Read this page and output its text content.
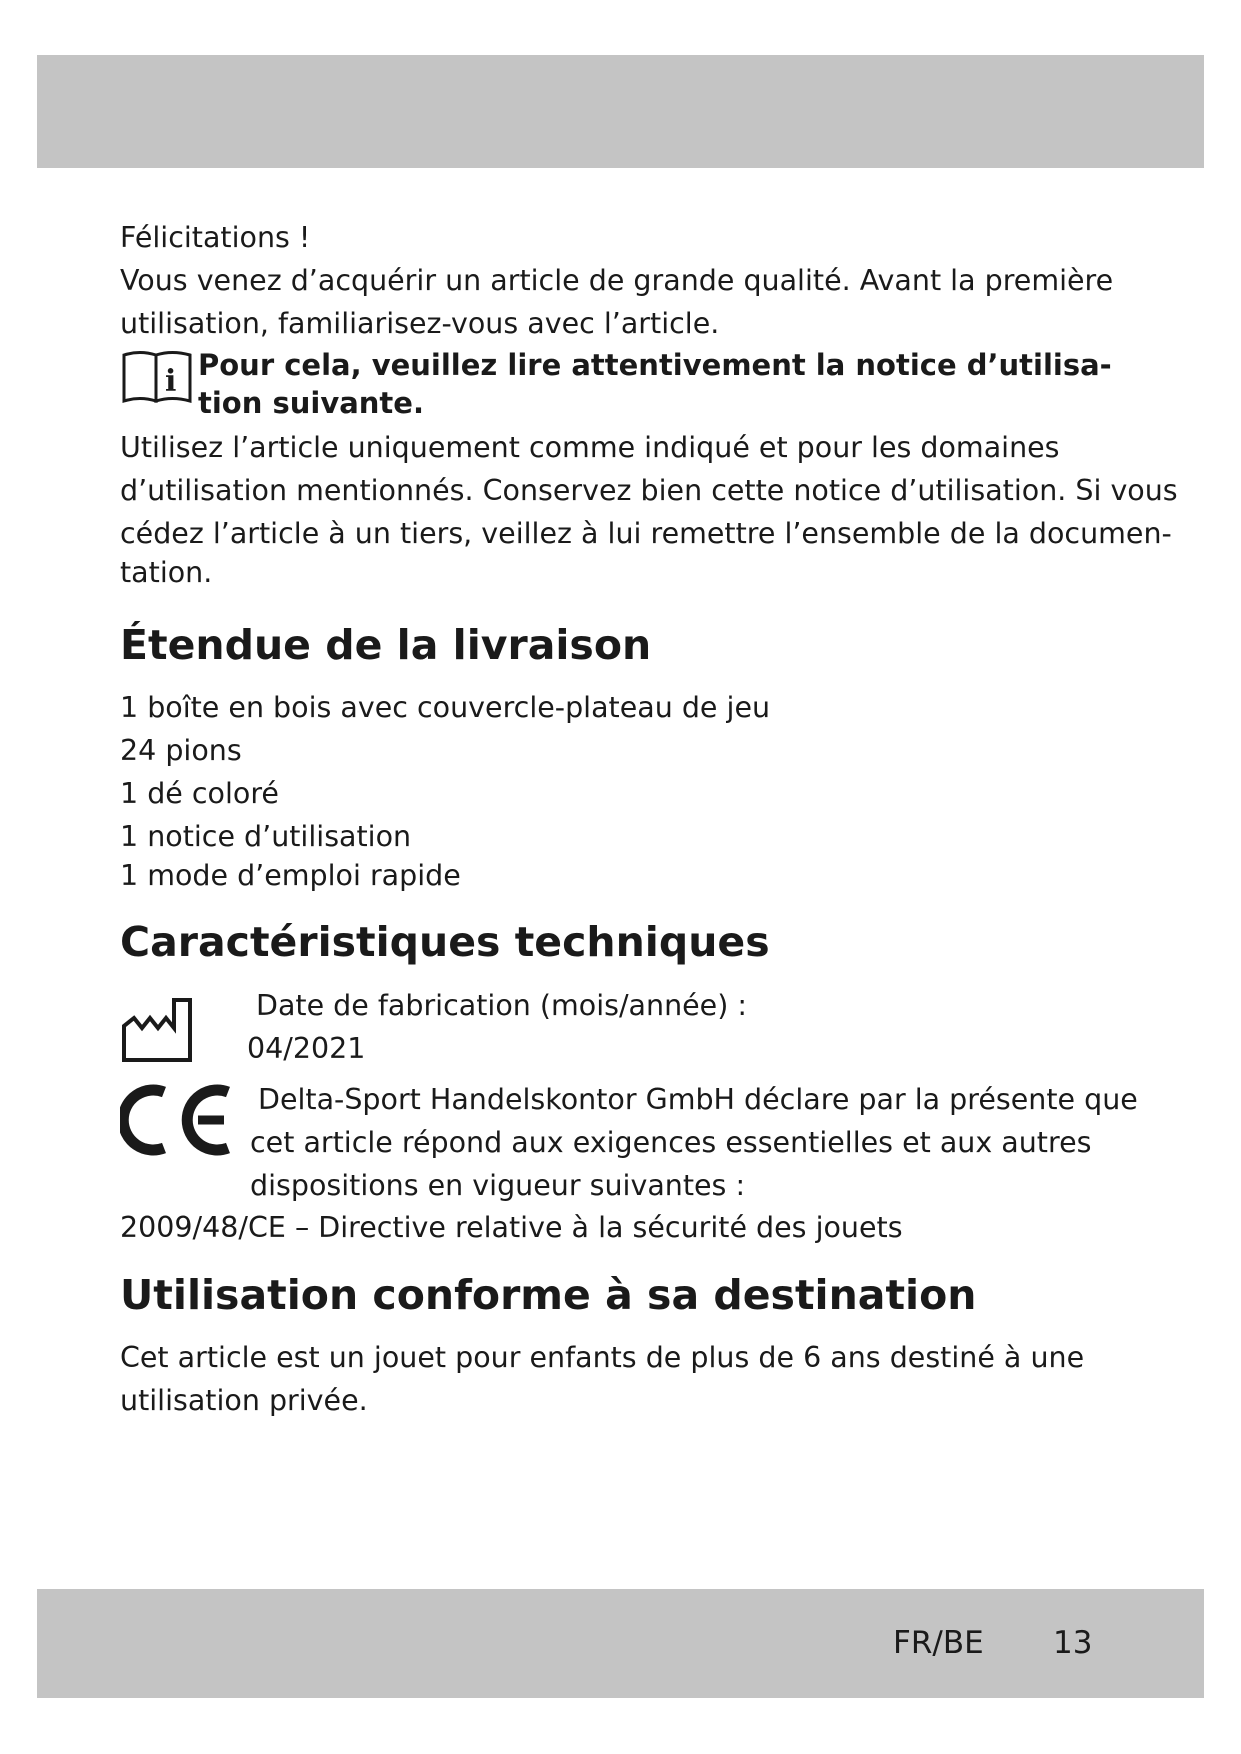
Félicitations !
Vous venez d’acquérir un article de grande qualité. Avant la première
utilisation, familiarisez-vous avec l’article.
i Pour cela, veuillez lire attentivement la notice d’utilisa-
tion suivante.
Utilisez l’article uniquement comme indiqué et pour les domaines
d’utilisation mentionnés. Conservez bien cette notice d’utilisation. Si vous
cédez l’article à un tiers, veillez à lui remettre l’ensemble de la documen-
tation.
Étendue de la livraison
1 boîte en bois avec couvercle-plateau de jeu
24 pions
1 dé coloré
1 notice d’utilisation
1 mode d’emploi rapide
Caractéristiques techniques
Date de fabrication (mois/année) :
04/2021
Delta-Sport Handelskontor GmbH déclare par la présente que
cet article répond aux exigences essentielles et aux autres
dispositions en vigueur suivantes :
2009/48/CE – Directive relative à la sécurité des jouets
Utilisation conforme à sa destination
Cet article est un jouet pour enfants de plus de 6 ans destiné à une
utilisation privée.
FR/BE 13
